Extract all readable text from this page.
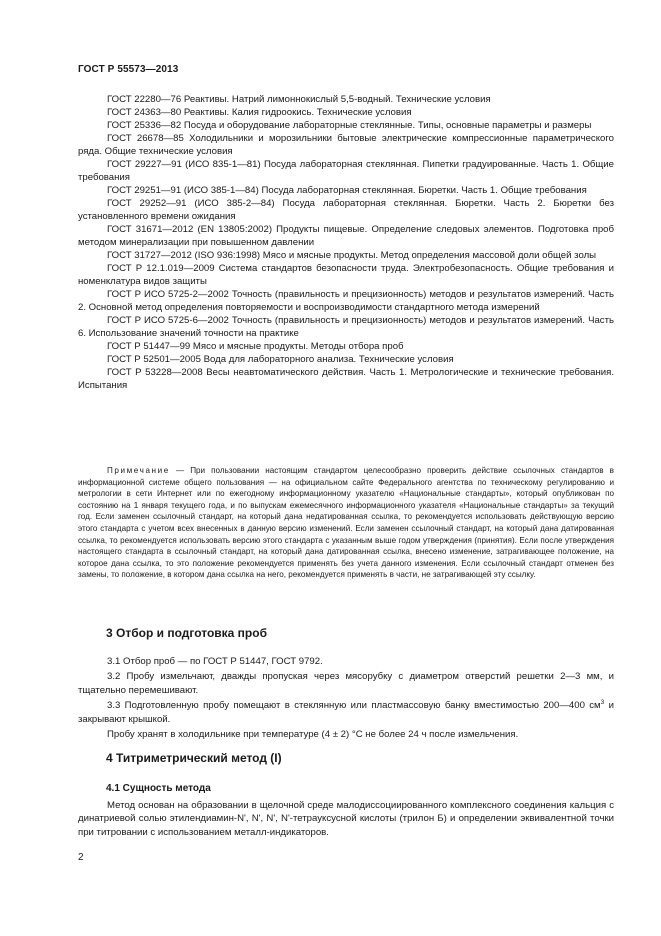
ГОСТ Р 55573—2013

ГОСТ 22280—76 Реактивы. Натрий лимоннокислый 5,5-водный. Технические условия

ГОСТ 24363—80 Реактивы. Калия гидроокись. Технические условия

ГОСТ 25336—82 Посуда и оборудование лабораторные стеклянные. Типы, основные параметры и размеры

ГОСТ 26678—85 Холодильники и морозильники бытовые электрические компрессионные параметрического ряда. Общие технические условия

ГОСТ 29227—91 (ИСО 835-1—81) Посуда лабораторная стеклянная. Пипетки градуированные. Часть 1. Общие требования

ГОСТ 29251—91 (ИСО 385-1—84) Посуда лабораторная стеклянная. Бюретки. Часть 1. Общие требования

ГОСТ 29252—91 (ИСО 385-2—84) Посуда лабораторная стеклянная. Бюретки. Часть 2. Бюретки без установленного времени ожидания

ГОСТ 31671—2012 (EN 13805:2002) Продукты пищевые. Определение следовых элементов. Подготовка проб методом минерализации при повышенном давлении

ГОСТ 31727—2012 (ISO 936:1998) Мясо и мясные продукты. Метод определения массовой доли общей золы

ГОСТ Р 12.1.019—2009 Система стандартов безопасности труда. Электробезопасность. Общие требования и номенклатура видов защиты

ГОСТ Р ИСО 5725-2—2002 Точность (правильность и прецизионность) методов и результатов измерений. Часть 2. Основной метод определения повторяемости и воспроизводимости стандартного метода измерений

ГОСТ Р ИСО 5725-6—2002 Точность (правильность и прецизионность) методов и результатов измерений. Часть 6. Использование значений точности на практике

ГОСТ Р 51447—99 Мясо и мясные продукты. Методы отбора проб

ГОСТ Р 52501—2005 Вода для лабораторного анализа. Технические условия

ГОСТ Р 53228—2008 Весы неавтоматического действия. Часть 1. Метрологические и технические требования. Испытания

Примечание — При пользовании настоящим стандартом целесообразно проверить действие ссылочных стандартов в информационной системе общего пользования — на официальном сайте Федерального агентства по техническому регулированию и метрологии в сети Интернет или по ежегодному информационному указателю «Национальные стандарты», который опубликован по состоянию на 1 января текущего года, и по выпускам ежемесячного информационного указателя «Национальные стандарты» за текущий год. Если заменен ссылочный стандарт, на который дана недатированная ссылка, то рекомендуется использовать действующую версию этого стандарта с учетом всех внесенных в данную версию изменений. Если заменен ссылочный стандарт, на который дана датированная ссылка, то рекомендуется использовать версию этого стандарта с указанным выше годом утверждения (принятия). Если после утверждения настоящего стандарта в ссылочный стандарт, на который дана датированная ссылка, внесено изменение, затрагивающее положение, на которое дана ссылка, то это положение рекомендуется применять без учета данного изменения. Если ссылочный стандарт отменен без замены, то положение, в котором дана ссылка на него, рекомендуется применять в части, не затрагивающей эту ссылку.

3 Отбор и подготовка проб

3.1 Отбор проб — по ГОСТ Р 51447, ГОСТ 9792.

3.2 Пробу измельчают, дважды пропуская через мясорубку с диаметром отверстий решетки 2—3 мм, и тщательно перемешивают.

3.3 Подготовленную пробу помещают в стеклянную или пластмассовую банку вместимостью 200—400 $см^3$ и закрывают крышкой.

Пробу хранят в холодильнике при температуре (4 ± 2) °С не более 24 ч после измельчения.

4 Титриметрический метод (I)
4.1 Сущность метода

Метод основан на образовании в щелочной среде малодиссоциированного комплексного соединения кальция с динатриевой солью этилендиамин-N', N', N', N'-тетрауксусной кислоты (трилон Б) и определении эквивалентной точки при титровании с использованием металл-индикаторов.

2
